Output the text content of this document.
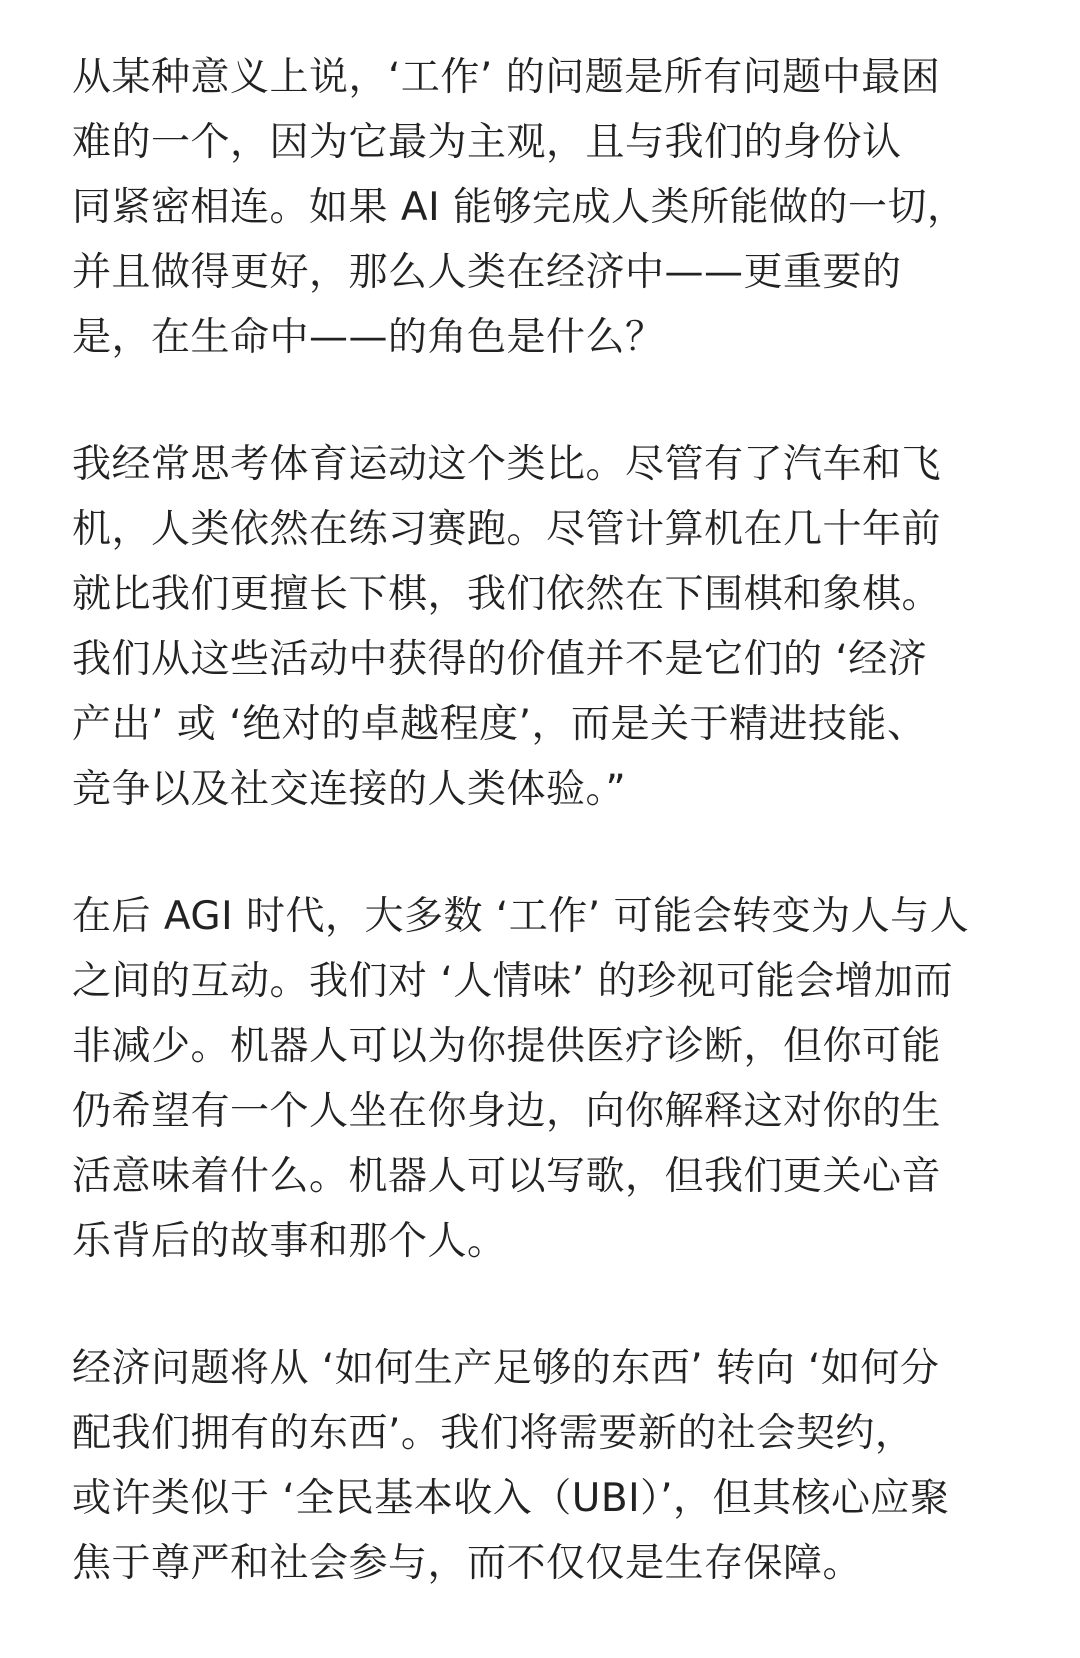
从某种意义上说，‘工作’ 的问题是所有问题中最困
难的一个，因为它最为主观，且与我们的身份认
同紧密相连。如果 AI 能够完成人类所能做的一切，
并且做得更好，那么人类在经济中——更重要的
是，在生命中——的角色是什么？
我经常思考体育运动这个类比。尽管有了汽车和飞
机，人类依然在练习赛跑。尽管计算机在几十年前
就比我们更擅长下棋，我们依然在下围棋和象棋。
我们从这些活动中获得的价值并不是它们的 ‘经济
产出’ 或 ‘绝对的卓越程度’，而是关于精进技能、
竞争以及社交连接的人类体验。”
在后 AGI 时代，大多数 ‘工作’ 可能会转变为人与人
之间的互动。我们对 ‘人情味’ 的珍视可能会增加而
非减少。机器人可以为你提供医疗诊断，但你可能
仍希望有一个人坐在你身边，向你解释这对你的生
活意味着什么。机器人可以写歌，但我们更关心音
乐背后的故事和那个人。
经济问题将从 ‘如何生产足够的东西’ 转向 ‘如何分
配我们拥有的东西’。我们将需要新的社会契约，
或许类似于 ‘全民基本收入（UBI）’，但其核心应聚
焦于尊严和社会参与，而不仅仅是生存保障。
